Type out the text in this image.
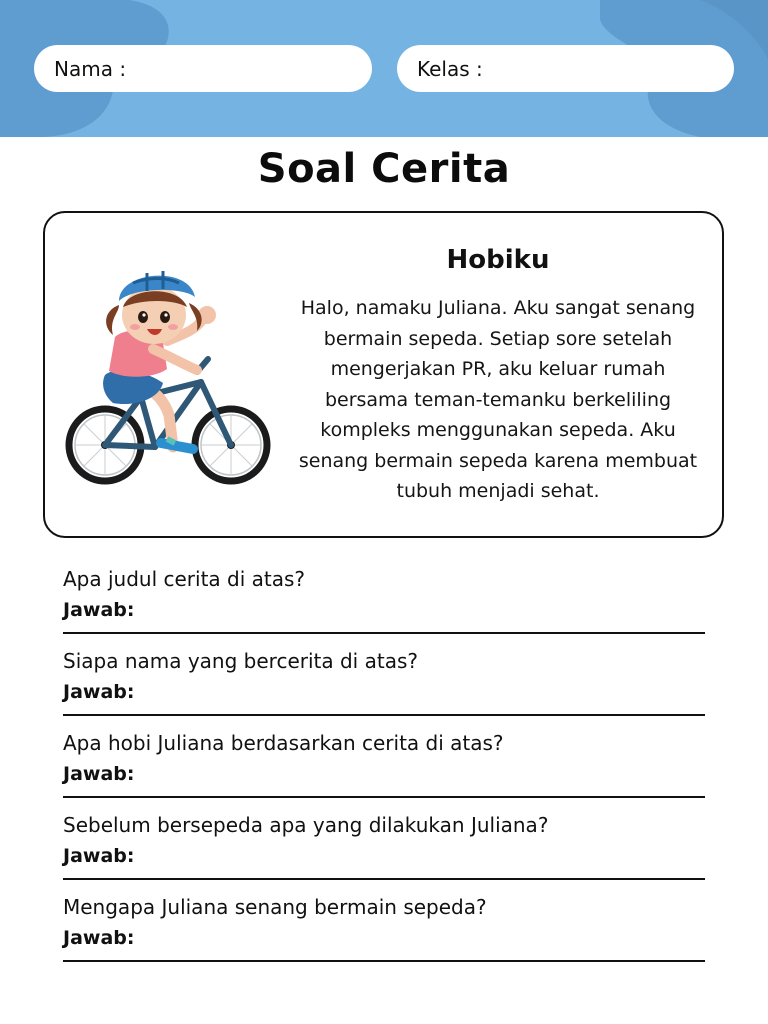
Nama :	Kelas :
Soal Cerita
Hobiku

Halo, namaku Juliana. Aku sangat senang bermain sepeda. Setiap sore setelah mengerjakan PR, aku keluar rumah bersama teman-temanku berkeliling kompleks menggunakan sepeda. Aku senang bermain sepeda karena membuat tubuh menjadi sehat.

Apa judul cerita di atas?
Jawab:
Siapa nama yang bercerita di atas?
Jawab:
Apa hobi Juliana berdasarkan cerita di atas?
Jawab:
Sebelum bersepeda apa yang dilakukan Juliana?
Jawab:
Mengapa Juliana senang bermain sepeda?
Jawab:
